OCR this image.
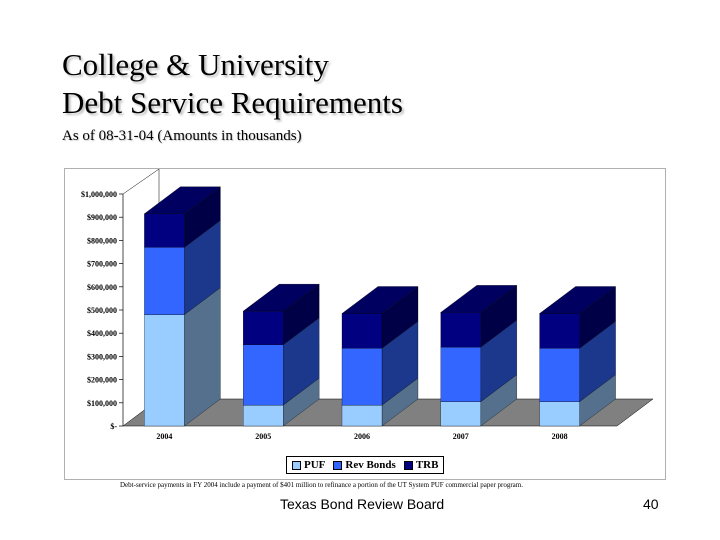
College & University
Debt Service Requirements
As of 08-31-04 (Amounts in thousands)
$-
$100,000
$200,000
$300,000
$400,000
$500,000
$600,000
$700,000
$800,000
$900,000
$1,000,000
2004	2005	2006	2007	2008
PUF Rev Bonds TRB
Debt-service payments in FY 2004 include a payment of $401 million to refinance a portion of the UT System PUF commercial paper program.
Texas Bond Review Board	40
